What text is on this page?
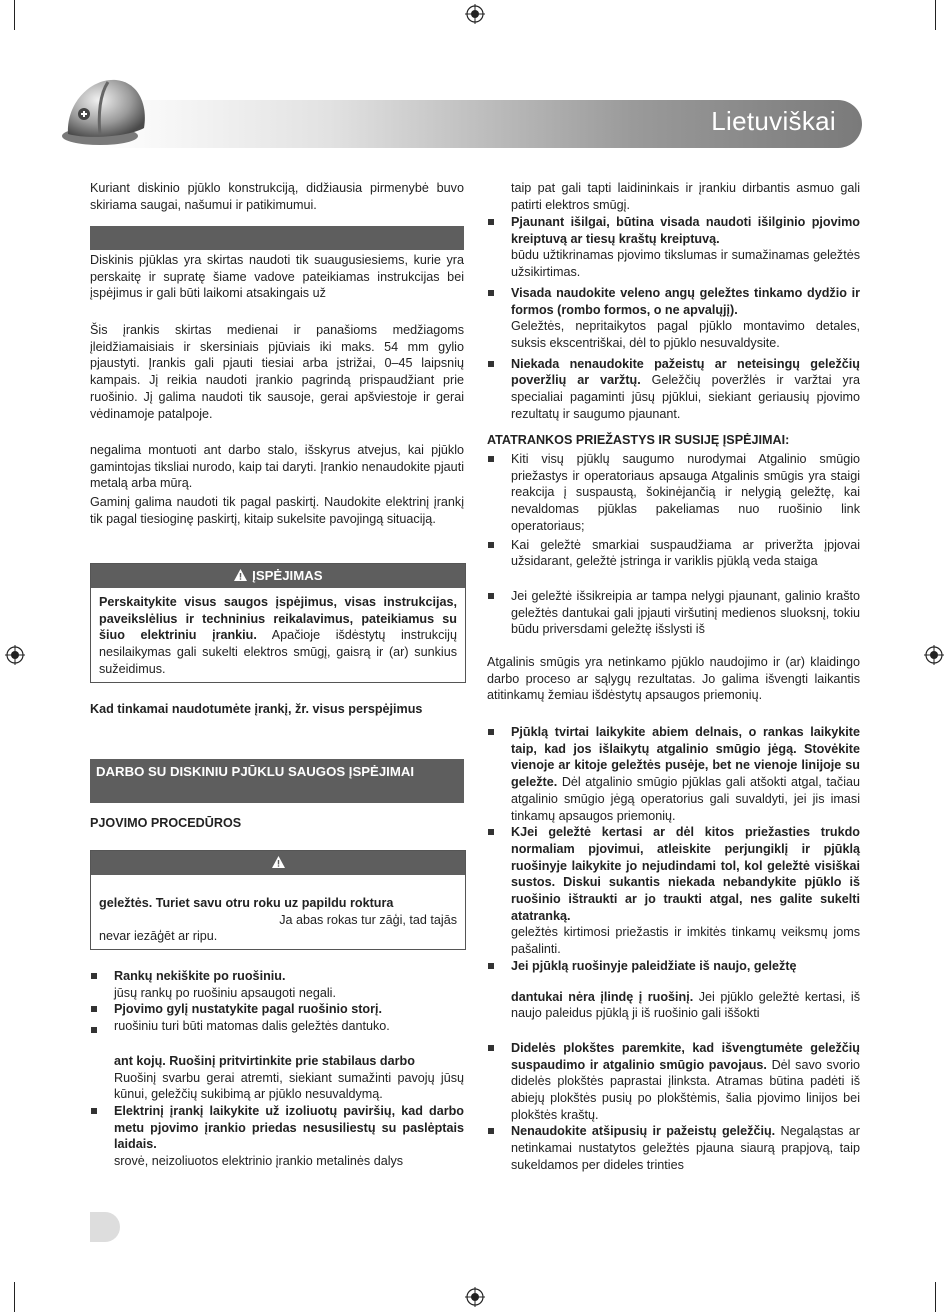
Lietuviškai

Kuriant diskinio pjūklo konstrukciją, didžiausia pirmenybė buvo skiriama saugai, našumui ir patikimumui.

Diskinis pjūklas yra skirtas naudoti tik suaugusiesiems, kurie yra perskaitę ir supratę šiame vadove pateikiamas instrukcijas bei įspėjimus ir gali būti laikomi atsakingais už

Šis įrankis skirtas medienai ir panašioms medžiagoms įleidžiamaisiais ir skersiniais pjūviais iki maks. 54 mm gylio pjaustyti. Įrankis gali pjauti tiesiai arba įstrižai, 0–45 laipsnių kampais. Jį reikia naudoti įrankio pagrindą prispaudžiant prie ruošinio. Jį galima naudoti tik sausoje, gerai apšviestoje ir gerai vėdinamoje patalpoje.

negalima montuoti ant darbo stalo, išskyrus atvejus, kai pjūklo gamintojas tiksliai nurodo, kaip tai daryti. Įrankio nenaudokite pjauti metalą arba mūrą.

Gaminį galima naudoti tik pagal paskirtį. Naudokite elektrinį įrankį tik pagal tiesioginę paskirtį, kitaip sukelsite pavojingą situaciją.

ĮSPĖJIMAS

Perskaitykite visus saugos įspėjimus, visas instrukcijas, paveikslėlius ir techninius reikalavimus, pateikiamus su šiuo elektriniu įrankiu. Apačioje išdėstytų instrukcijų nesilaikymas gali sukelti elektros smūgį, gaisrą ir (ar) sunkius sužeidimus.

Kad tinkamai naudotumėte įrankį, žr. visus perspėjimus

DARBO SU DISKINIU PJŪKLU SAUGOS ĮSPĖJIMAI

PJOVIMO PROCEDŪROS

geležtės. Turiet savu otru roku uz papildu roktura

Ja abas rokas tur zāģi, tad tajās

nevar iezāģēt ar ripu.

Rankų nekiškite po ruošiniu.

jūsų rankų po ruošiniu apsaugoti negali.

Pjovimo gylį nustatykite pagal ruošinio storį.

ruošiniu turi būti matomas dalis geležtės dantuko.

ant kojų. Ruošinį pritvirtinkite prie stabilaus darbo

Ruošinį svarbu gerai atremti, siekiant sumažinti pavojų jūsų kūnui, geležčių sukibimą ar pjūklo nesuvaldymą.

Elektrinį įrankį laikykite už izoliuotų paviršių, kad darbo metu pjovimo įrankio priedas nesusiliestų su paslėptais laidais.

srovė, neizoliuotos elektrinio įrankio metalinės dalys

taip pat gali tapti laidininkais ir įrankiu dirbantis asmuo gali patirti elektros smūgį.

Pjaunant išilgai, būtina visada naudoti išilginio pjovimo kreiptuvą ar tiesų kraštų kreiptuvą.

būdu užtikrinamas pjovimo tikslumas ir sumažinamas geležtės užsikirtimas.

Visada naudokite veleno angų geležtes tinkamo dydžio ir formos (rombo formos, o ne apvalųjį).

Geležtės, nepritaikytos pagal pjūklo montavimo detales, suksis ekscentriškai, dėl to pjūklo nesuvaldysite.

Niekada nenaudokite pažeistų ar neteisingų geležčių poveržlių ar varžtų. Geležčių poveržlės ir varžtai yra specialiai pagaminti jūsų pjūklui, siekiant geriausių pjovimo rezultatų ir saugumo pjaunant.

ATATRANKOS PRIEŽASTYS IR SUSIJĘ ĮSPĖJIMAI:

Kiti visų pjūklų saugumo nurodymai Atgalinio smūgio priežastys ir operatoriaus apsauga Atgalinis smūgis yra staigi reakcija į suspaustą, šokinėjančią ir nelygią geležtę, kai nevaldomas pjūklas pakeliamas nuo ruošinio link operatoriaus;

Kai geležtė smarkiai suspaudžiama ar priveržta įpjovai užsidarant, geležtė įstringa ir variklis pjūklą veda staiga

Jei geležtė išsikreipia ar tampa nelygi pjaunant, galinio krašto geležtės dantukai gali įpjauti viršutinį medienos sluoksnį, tokiu būdu priversdami geležtę išslysti iš

Atgalinis smūgis yra netinkamo pjūklo naudojimo ir (ar) klaidingo darbo proceso ar sąlygų rezultatas. Jo galima išvengti laikantis atitinkamų žemiau išdėstytų apsaugos priemonių.

Pjūklą tvirtai laikykite abiem delnais, o rankas laikykite taip, kad jos išlaikytų atgalinio smūgio jėgą. Stovėkite vienoje ar kitoje geležtės pusėje, bet ne vienoje linijoje su geležte. Dėl atgalinio smūgio pjūklas gali atšokti atgal, tačiau atgalinio smūgio jėgą operatorius gali suvaldyti, jei jis imasi tinkamų apsaugos priemonių.

KJei geležtė kertasi ar dėl kitos priežasties trukdo normaliam pjovimui, atleiskite perjungiklį ir pjūklą ruošinyje laikykite jo nejudindami tol, kol geležtė visiškai sustos. Diskui sukantis niekada nebandykite pjūklo iš ruošinio ištraukti ar jo traukti atgal, nes galite sukelti atatranką.

geležtės kirtimosi priežastis ir imkitės tinkamų veiksmų joms pašalinti.

Jei pjūklą ruošinyje paleidžiate iš naujo, geležtę

dantukai nėra įlindę į ruošinį. Jei pjūklo geležtė kertasi, iš naujo paleidus pjūklą ji iš ruošinio gali iššokti

Didelės plokštes paremkite, kad išvengtumėte geležčių suspaudimo ir atgalinio smūgio pavojaus. Dėl savo svorio didelės plokštės paprastai įlinksta. Atramas būtina padėti iš abiejų plokštės pusių po plokštėmis, šalia pjovimo linijos bei plokštės kraštų.

Nenaudokite atšipusių ir pažeistų geležčių. Negaląstas ar netinkamai nustatytos geležtės pjauna siaurą prapjovą, taip sukeldamos per dideles trinties
